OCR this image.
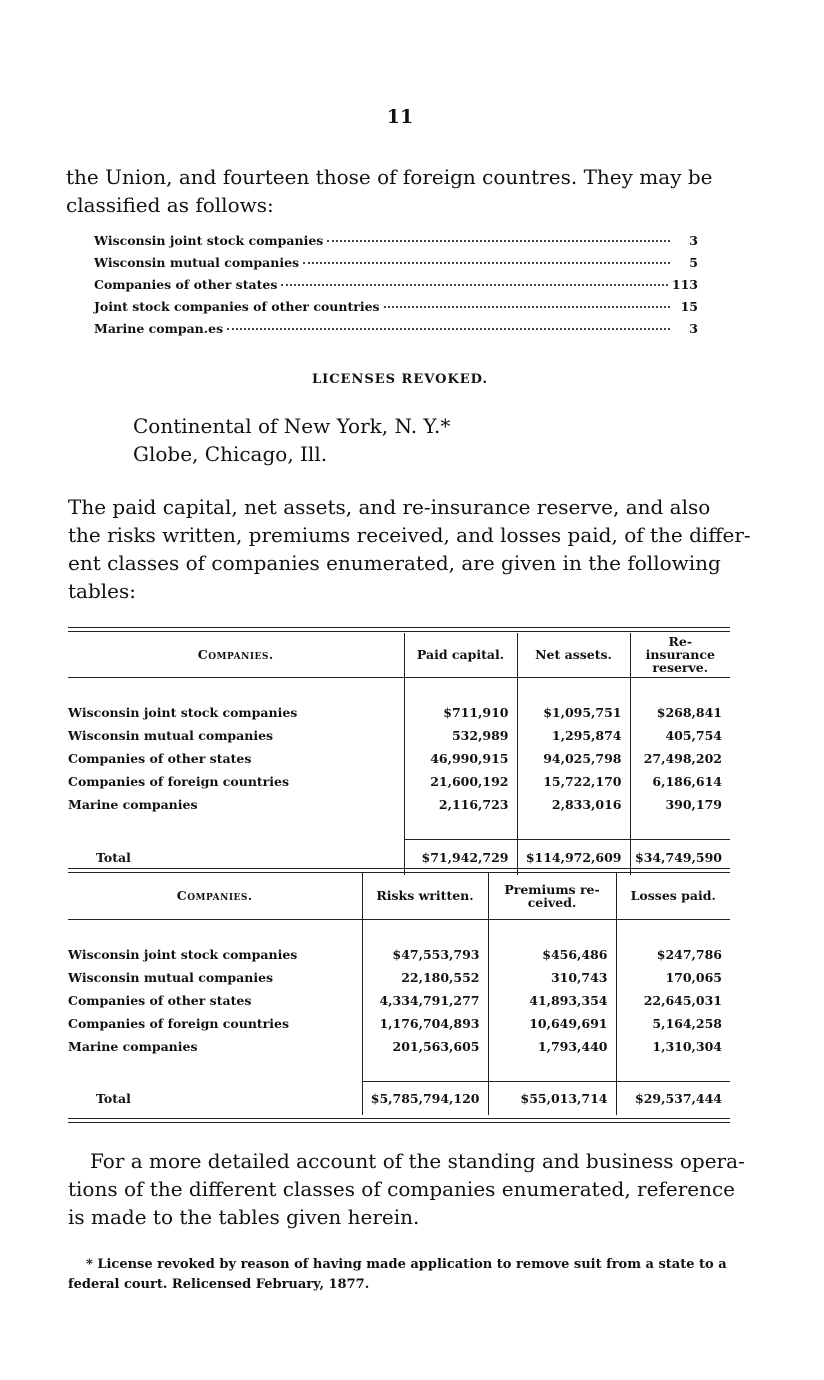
11
the Union, and fourteen those of foreign countres. They may be
classified as follows:
Wisconsin joint stock companies	3
Wisconsin mutual companies	5
Companies of other states	113
Joint stock companies of other countries	15
Marine compan.es	3
LICENSES REVOKED.
Continental of New York, N. Y.*
Globe, Chicago, Ill.
The paid capital, net assets, and re-insurance reserve, and also
the risks written, premiums received, and losses paid, of the differ-
ent classes of companies enumerated, are given in the following
tables:
Companies.	Paid capital.	Net assets.	Re-insurance reserve.

Wisconsin joint stock companies	$711,910	$1,095,751	$268,841
Wisconsin mutual companies	532,989	1,295,874	405,754
Companies of other states	46,990,915	94,025,798	27,498,202
Companies of foreign countries	21,600,192	15,722,170	6,186,614
Marine companies	2,116,723	2,833,016	390,179

Total	$71,942,729	$114,972,609	$34,749,590
Companies.	Risks written.	Premiums re-ceived.	Losses paid.

Wisconsin joint stock companies	$47,553,793	$456,486	$247,786
Wisconsin mutual companies	22,180,552	310,743	170,065
Companies of other states	4,334,791,277	41,893,354	22,645,031
Companies of foreign countries	1,176,704,893	10,649,691	5,164,258
Marine companies	201,563,605	1,793,440	1,310,304

Total	$5,785,794,120	$55,013,714	$29,537,444
For a more detailed account of the standing and business opera-
tions of the different classes of companies enumerated, reference
is made to the tables given herein.
* License revoked by reason of having made application to remove suit from a state to a
federal court. Relicensed February, 1877.
